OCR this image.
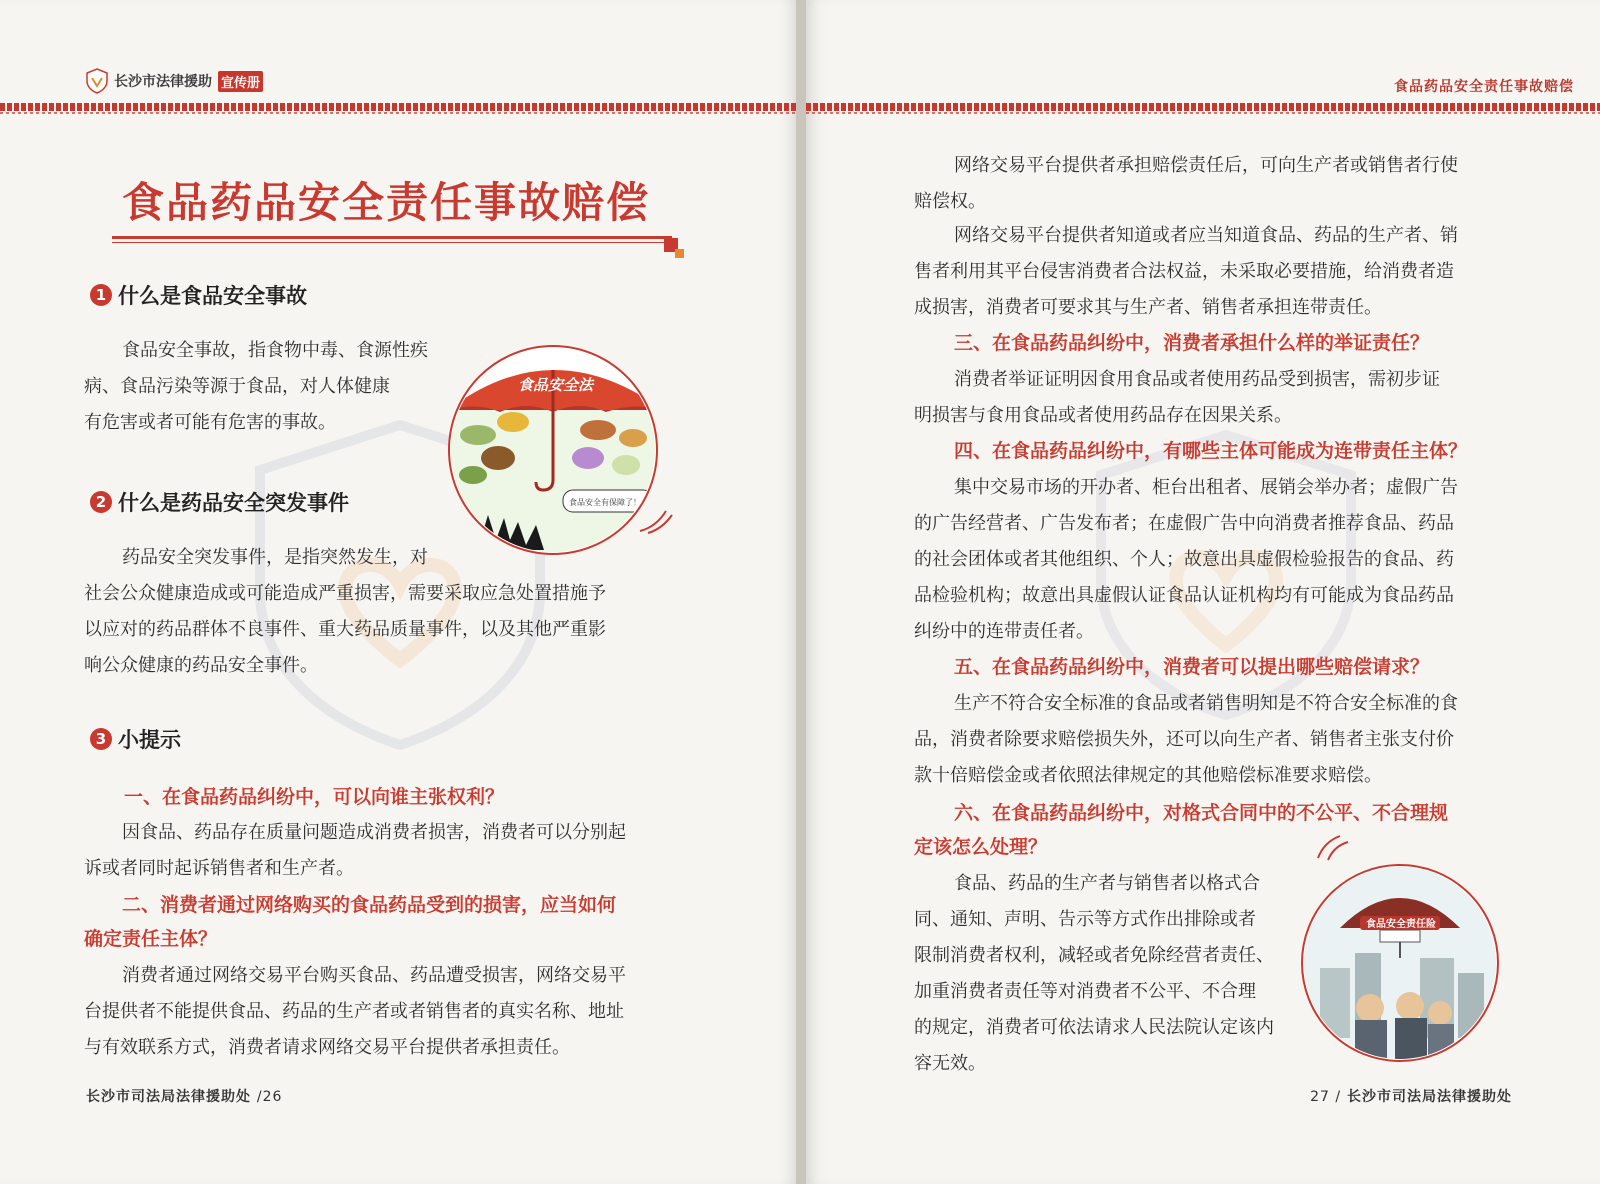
长沙市法律援助 宣传册
食品药品安全责任事故赔偿
1 什么是食品安全事故

食品安全事故，指食物中毒、食源性疾
病、食品污染等源于食品，对人体健康
有危害或者可能有危害的事故。

食品安全法
食品安全有保障了！
2 什么是药品安全突发事件

药品安全突发事件，是指突然发生，对
社会公众健康造成或可能造成严重损害，需要采取应急处置措施予
以应对的药品群体不良事件、重大药品质量事件，以及其他严重影
响公众健康的药品安全事件。

3 小提示

一、在食品药品纠纷中，可以向谁主张权利？

因食品、药品存在质量问题造成消费者损害，消费者可以分别起
诉或者同时起诉销售者和生产者。

二、消费者通过网络购买的食品药品受到的损害，应当如何
确定责任主体？

消费者通过网络交易平台购买食品、药品遭受损害，网络交易平
台提供者不能提供食品、药品的生产者或者销售者的真实名称、地址
与有效联系方式，消费者请求网络交易平台提供者承担责任。

长沙市司法局法律援助处 /26
食品药品安全责任事故赔偿

网络交易平台提供者承担赔偿责任后，可向生产者或销售者行使
赔偿权。

网络交易平台提供者知道或者应当知道食品、药品的生产者、销
售者利用其平台侵害消费者合法权益，未采取必要措施，给消费者造
成损害，消费者可要求其与生产者、销售者承担连带责任。

三、在食品药品纠纷中，消费者承担什么样的举证责任？

消费者举证证明因食用食品或者使用药品受到损害，需初步证
明损害与食用食品或者使用药品存在因果关系。

四、在食品药品纠纷中，有哪些主体可能成为连带责任主体？

集中交易市场的开办者、柜台出租者、展销会举办者；虚假广告
的广告经营者、广告发布者；在虚假广告中向消费者推荐食品、药品
的社会团体或者其他组织、个人；故意出具虚假检验报告的食品、药
品检验机构；故意出具虚假认证食品认证机构均有可能成为食品药品
纠纷中的连带责任者。

五、在食品药品纠纷中，消费者可以提出哪些赔偿请求？

生产不符合安全标准的食品或者销售明知是不符合安全标准的食
品，消费者除要求赔偿损失外，还可以向生产者、销售者主张支付价
款十倍赔偿金或者依照法律规定的其他赔偿标准要求赔偿。

六、在食品药品纠纷中，对格式合同中的不公平、不合理规
定该怎么处理？

食品、药品的生产者与销售者以格式合
同、通知、声明、告示等方式作出排除或者
限制消费者权利，减轻或者免除经营者责任、
加重消费者责任等对消费者不公平、不合理
的规定，消费者可依法请求人民法院认定该内
容无效。

食品安全责任险
27 / 长沙市司法局法律援助处
